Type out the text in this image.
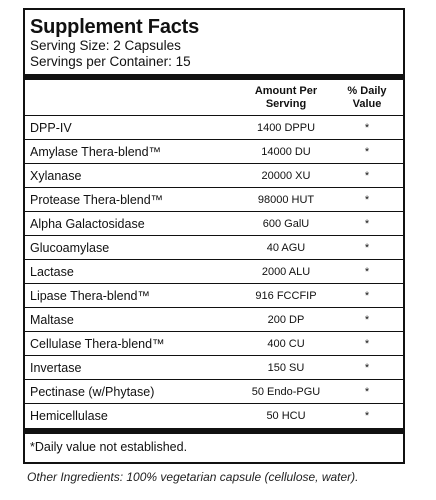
Supplement Facts
Serving Size: 2 Capsules
Servings per Container: 15
Amount Per
Serving
% Daily
Value
DPP-IV	1400 DPPU	*
Amylase Thera-blend™	14000 DU	*
Xylanase	20000 XU	*
Protease Thera-blend™	98000 HUT	*
Alpha Galactosidase	600 GalU	*
Glucoamylase	40 AGU	*
Lactase	2000 ALU	*
Lipase Thera-blend™	916 FCCFIP	*
Maltase	200 DP	*
Cellulase Thera-blend™	400 CU	*
Invertase	150 SU	*
Pectinase (w/Phytase)	50 Endo-PGU	*
Hemicellulase	50 HCU	*
*Daily value not established.
Other Ingredients: 100% vegetarian capsule (cellulose, water).
